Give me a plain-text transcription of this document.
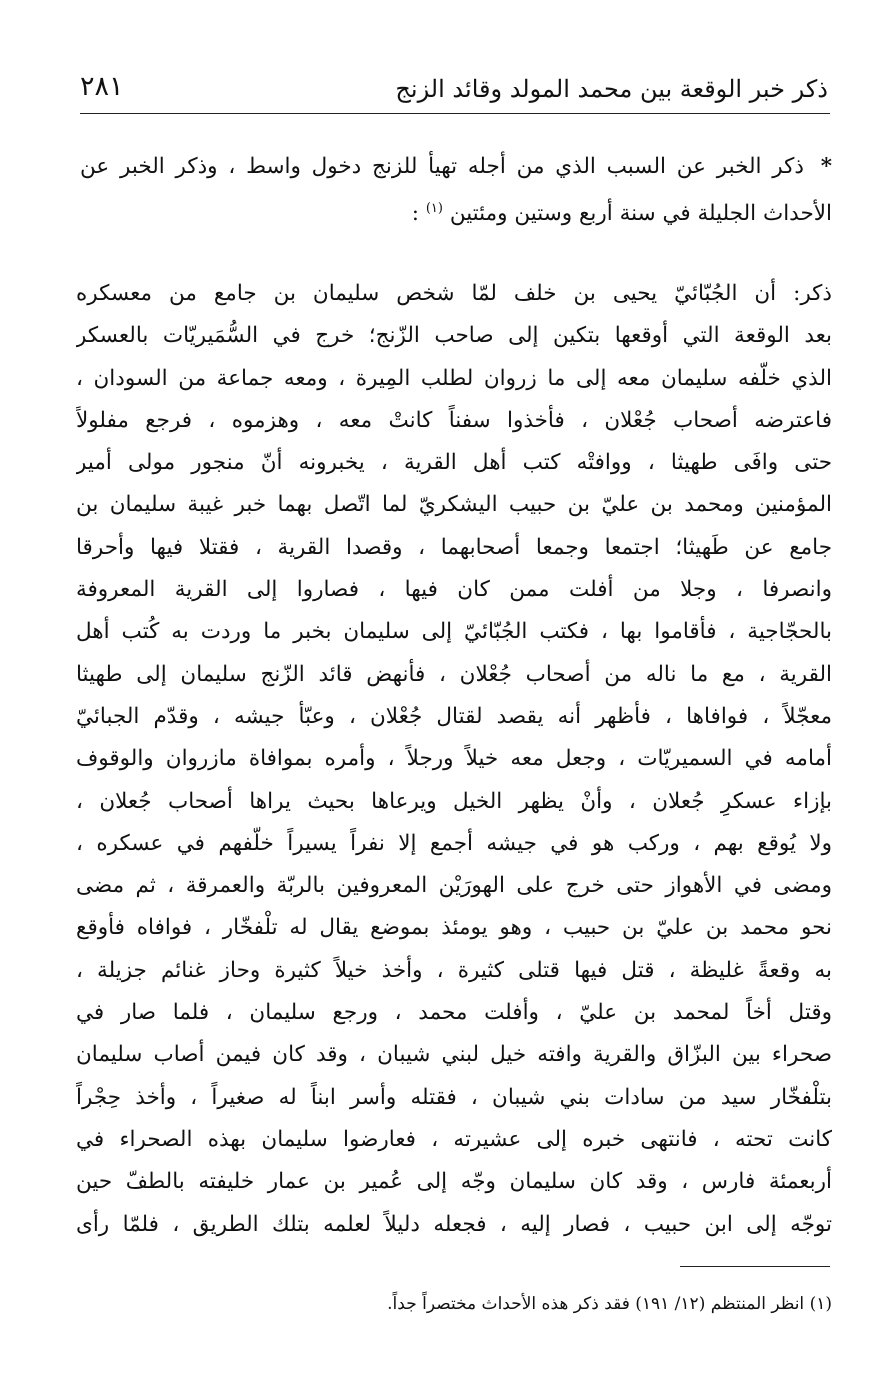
ذكر خبر الوقعة بين محمد المولد وقائد الزنج
٢٨١
* ذكر الخبر عن السبب الذي من أجله تهيأ للزنج دخول واسط ، وذكر الخبر عن الأحداث الجليلة في سنة أربع وستين ومئتين $^{(١)}$ :
ذكر: أن الجُبّائيّ يحيى بن خلف لمّا شخص سليمان بن جامع من معسكره
بعد الوقعة التي أوقعها بتكين إلى صاحب الزّنج؛ خرج في السُّمَيريّات بالعسكر
الذي خلّفه سليمان معه إلى ما زروان لطلب المِيرة ، ومعه جماعة من السودان ،
فاعترضه أصحاب جُعْلان ، فأخذوا سفناً كانتْ معه ، وهزموه ، فرجع مفلولاً
حتى وافَى طهيثا ، ووافتْه كتب أهل القرية ، يخبرونه أنّ منجور مولى أمير
المؤمنين ومحمد بن عليّ بن حبيب اليشكريّ لما اتّصل بهما خبر غيبة سليمان بن
جامع عن طَهيثا؛ اجتمعا وجمعا أصحابهما ، وقصدا القرية ، فقتلا فيها وأحرقا
وانصرفا ، وجلا من أفلت ممن كان فيها ، فصاروا إلى القرية المعروفة
بالحجّاجية ، فأقاموا بها ، فكتب الجُبّائيّ إلى سليمان بخبر ما وردت به كُتب أهل
القرية ، مع ما ناله من أصحاب جُعْلان ، فأنهض قائد الزّنج سليمان إلى طهيثا
معجّلاً ، فوافاها ، فأظهر أنه يقصد لقتال جُعْلان ، وعبّأ جيشه ، وقدّم الجبائيّ
أمامه في السميريّات ، وجعل معه خيلاً ورجلاً ، وأمره بموافاة مازروان والوقوف
بإزاء عسكرِ جُعلان ، وأنْ يظهر الخيل ويرعاها بحيث يراها أصحاب جُعلان ،
ولا يُوقع بهم ، وركب هو في جيشه أجمع إلا نفراً يسيراً خلّفهم في عسكره ،
ومضى في الأهواز حتى خرج على الهورَيْن المعروفين بالربّة والعمرقة ، ثم مضى
نحو محمد بن عليّ بن حبيب ، وهو يومئذ بموضع يقال له تلْفخّار ، فوافاه فأوقع
به وقعةً غليظة ، قتل فيها قتلى كثيرة ، وأخذ خيلاً كثيرة وحاز غنائم جزيلة ،
وقتل أخاً لمحمد بن عليّ ، وأفلت محمد ، ورجع سليمان ، فلما صار في
صحراء بين البزّاق والقرية وافته خيل لبني شيبان ، وقد كان فيمن أصاب سليمان
بتلْفخّار سيد من سادات بني شيبان ، فقتله وأسر ابناً له صغيراً ، وأخذ حِجْراً
كانت تحته ، فانتهى خبره إلى عشيرته ، فعارضوا سليمان بهذه الصحراء في
أربعمئة فارس ، وقد كان سليمان وجّه إلى عُمير بن عمار خليفته بالطفّ حين
توجّه إلى ابن حبيب ، فصار إليه ، فجعله دليلاً لعلمه بتلك الطريق ، فلمّا رأى
(١) انظر المنتظم (١٢/ ١٩١) فقد ذكر هذه الأحداث مختصراً جداً.
